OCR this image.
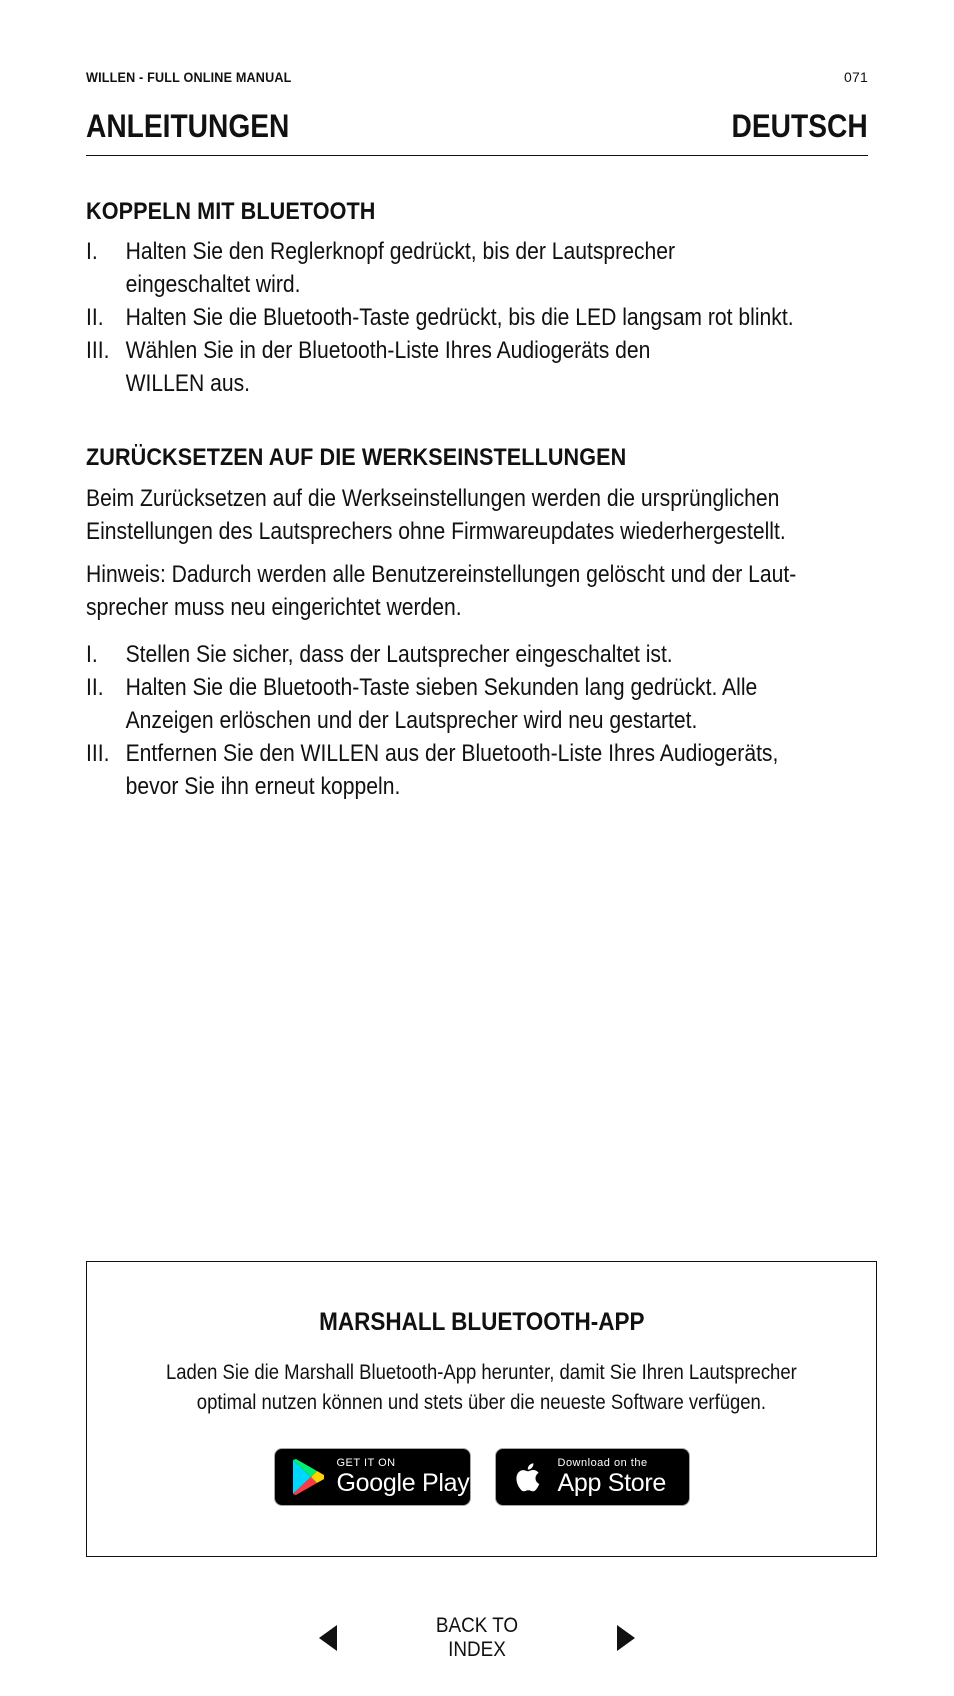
WILLEN - FULL ONLINE MANUAL	071
ANLEITUNGEN	DEUTSCH
KOPPELN MIT BLUETOOTH
I.	Halten Sie den Reglerknopf gedrückt, bis der Lautsprecher
eingeschaltet wird.
II. Halten Sie die Bluetooth-Taste gedrückt, bis die LED langsam rot blinkt.
III. Wählen Sie in der Bluetooth-Liste Ihres Audiogeräts den
WILLEN aus.
ZURÜCKSETZEN AUF DIE WERKSEINSTELLUNGEN

Beim Zurücksetzen auf die Werkseinstellungen werden die ursprünglichen
Einstellungen des Lautsprechers ohne Firmwareupdates wiederhergestellt.

Hinweis: Dadurch werden alle Benutzereinstellungen gelöscht und der Laut-
sprecher muss neu eingerichtet werden.

I.	Stellen Sie sicher, dass der Lautsprecher eingeschaltet ist.
II. Halten Sie die Bluetooth-Taste sieben Sekunden lang gedrückt. Alle
Anzeigen erlöschen und der Lautsprecher wird neu gestartet.
III. Entfernen Sie den WILLEN aus der Bluetooth-Liste Ihres Audiogeräts,
bevor Sie ihn erneut koppeln.
MARSHALL BLUETOOTH-APP
Laden Sie die Marshall Bluetooth-App herunter, damit Sie Ihren Lautsprecher
optimal nutzen können und stets über die neueste Software verfügen.
GET IT ON
Google Play
Download on the
App Store
BACK TO INDEX
